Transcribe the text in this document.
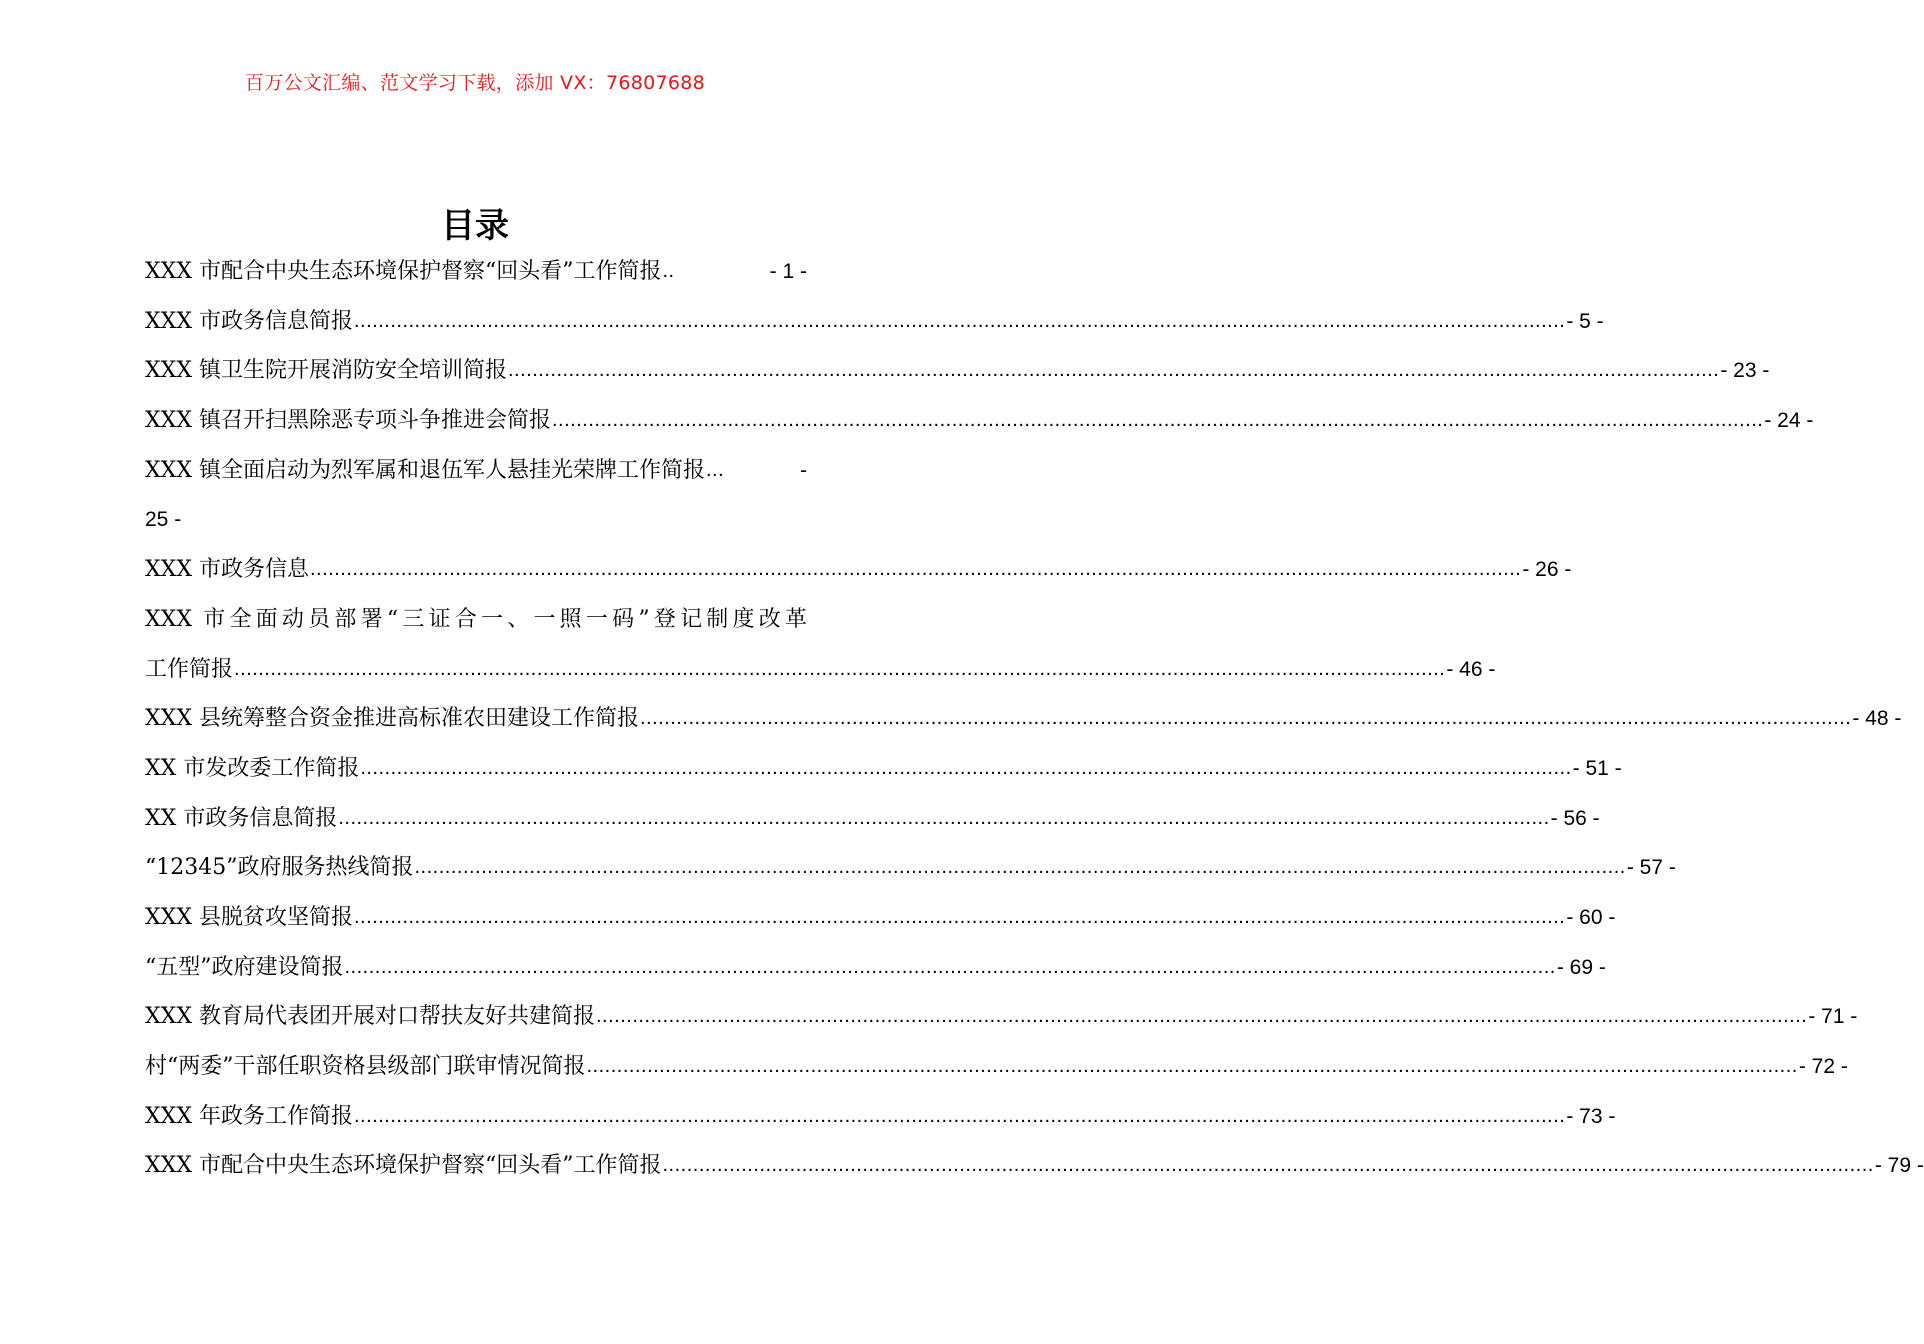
百万公文汇编、范文学习下载，添加 VX：76807688
目录
XXX 市配合中央生态环境保护督察“回头看”工作简报 ..	- 1 -
XXX 市政务信息简报 ........................................................................................................................................................................................................ - 5 -
XXX 镇卫生院开展消防安全培训简报 ........................................................................................................................................................................................................ - 23 -
XXX 镇召开扫黑除恶专项斗争推进会简报 ........................................................................................................................................................................................................ - 24 -
XXX 镇全面启动为烈军属和退伍军人悬挂光荣牌工作简报 ...	-
25 -
XXX 市政务信息 ........................................................................................................................................................................................................ - 26 -
XXX 市全面动员部署“三证合一、一照一码”登记制度改革
工作简报 ........................................................................................................................................................................................................ - 46 -
XXX 县统筹整合资金推进高标准农田建设工作简报 ........................................................................................................................................................................................................ - 48 -
XX 市发改委工作简报 ........................................................................................................................................................................................................ - 51 -
XX 市政务信息简报 ........................................................................................................................................................................................................ - 56 -
“12345”政府服务热线简报 ........................................................................................................................................................................................................ - 57 -
XXX 县脱贫攻坚简报 ........................................................................................................................................................................................................ - 60 -
“五型”政府建设简报 ........................................................................................................................................................................................................ - 69 -
XXX 教育局代表团开展对口帮扶友好共建简报 ........................................................................................................................................................................................................ - 71 -
村“两委”干部任职资格县级部门联审情况简报 ........................................................................................................................................................................................................ - 72 -
XXX 年政务工作简报 ........................................................................................................................................................................................................ - 73 -
XXX 市配合中央生态环境保护督察“回头看”工作简报 ........................................................................................................................................................................................................ - 79 -
